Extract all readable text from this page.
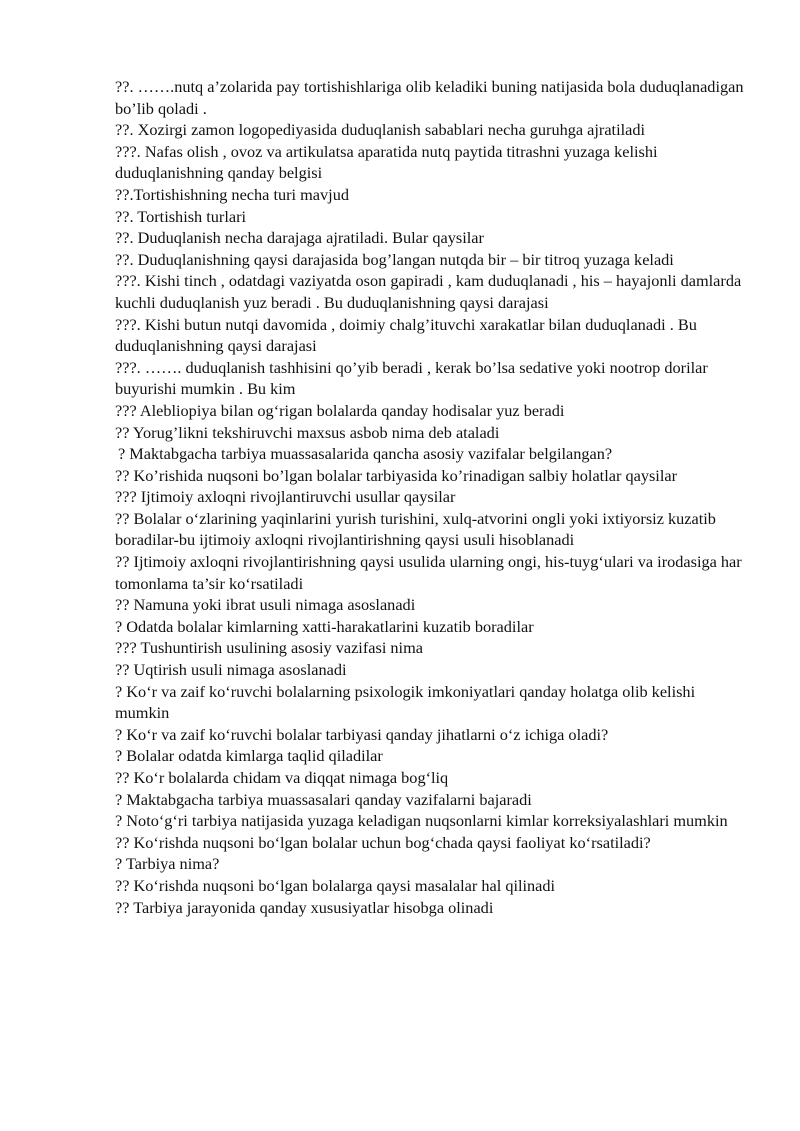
??. …….nutq a’zolarida pay tortishishlariga olib keladiki buning natijasida bola duduqlanadigan bo’lib qoladi .

??. Xozirgi zamon logopediyasida duduqlanish sabablari necha guruhga ajratiladi

???. Nafas olish , ovoz va artikulatsa aparatida nutq paytida titrashni yuzaga kelishi duduqlanishning qanday belgisi

??.Tortishishning necha turi mavjud

??. Tortishish turlari

??. Duduqlanish necha darajaga ajratiladi. Bular qaysilar

??. Duduqlanishning qaysi darajasida bog’langan nutqda bir – bir titroq yuzaga keladi

???. Kishi tinch , odatdagi vaziyatda oson gapiradi , kam duduqlanadi , his – hayajonli damlarda kuchli duduqlanish yuz beradi . Bu duduqlanishning qaysi darajasi

???. Kishi butun nutqi davomida , doimiy chalg’ituvchi xarakatlar bilan duduqlanadi . Bu duduqlanishning qaysi darajasi

???. ……. duduqlanish tashhisini qo’yib beradi , kerak bo’lsa sedative yoki nootrop dorilar buyurishi mumkin . Bu kim

??? Alebliopiya bilan og‘rigan bolalarda qanday hodisalar yuz beradi

?? Yorug’likni tekshiruvchi maxsus asbob nima deb ataladi

? Maktabgacha tarbiya muassasalarida qancha asosiy vazifalar belgilangan?

?? Ko’rishida nuqsoni bo’lgan bolalar tarbiyasida ko’rinadigan salbiy holatlar qaysilar

??? Ijtimoiy axloqni rivojlantiruvchi usullar qaysilar

?? Bolalar o‘zlarining yaqinlarini yurish turishini, xulq-atvorini ongli yoki ixtiyorsiz kuzatib boradilar-bu ijtimoiy axloqni rivojlantirishning qaysi usuli hisoblanadi

?? Ijtimoiy axloqni rivojlantirishning qaysi usulida ularning ongi, his-tuyg‘ulari va irodasiga har tomonlama ta’sir ko‘rsatiladi

?? Namuna yoki ibrat usuli nimaga asoslanadi

? Odatda bolalar kimlarning xatti-harakatlarini kuzatib boradilar

??? Tushuntirish usulining asosiy vazifasi nima

?? Uqtirish usuli nimaga asoslanadi

? Ko‘r va zaif ko‘ruvchi bolalarning psixologik imkoniyatlari qanday holatga olib kelishi mumkin

? Ko‘r va zaif ko‘ruvchi bolalar tarbiyasi qanday jihatlarni o‘z ichiga oladi?

? Bolalar odatda kimlarga taqlid qiladilar

?? Ko‘r bolalarda chidam va diqqat nimaga bog‘liq

? Maktabgacha tarbiya muassasalari qanday vazifalarni bajaradi

? Noto‘g‘ri tarbiya natijasida yuzaga keladigan nuqsonlarni kimlar korreksiyalashlari mumkin

?? Ko‘rishda nuqsoni bo‘lgan bolalar uchun bog‘chada qaysi faoliyat ko‘rsatiladi?

? Tarbiya nima?

?? Ko‘rishda nuqsoni bo‘lgan bolalarga qaysi masalalar hal qilinadi

?? Tarbiya jarayonida qanday xususiyatlar hisobga olinadi
